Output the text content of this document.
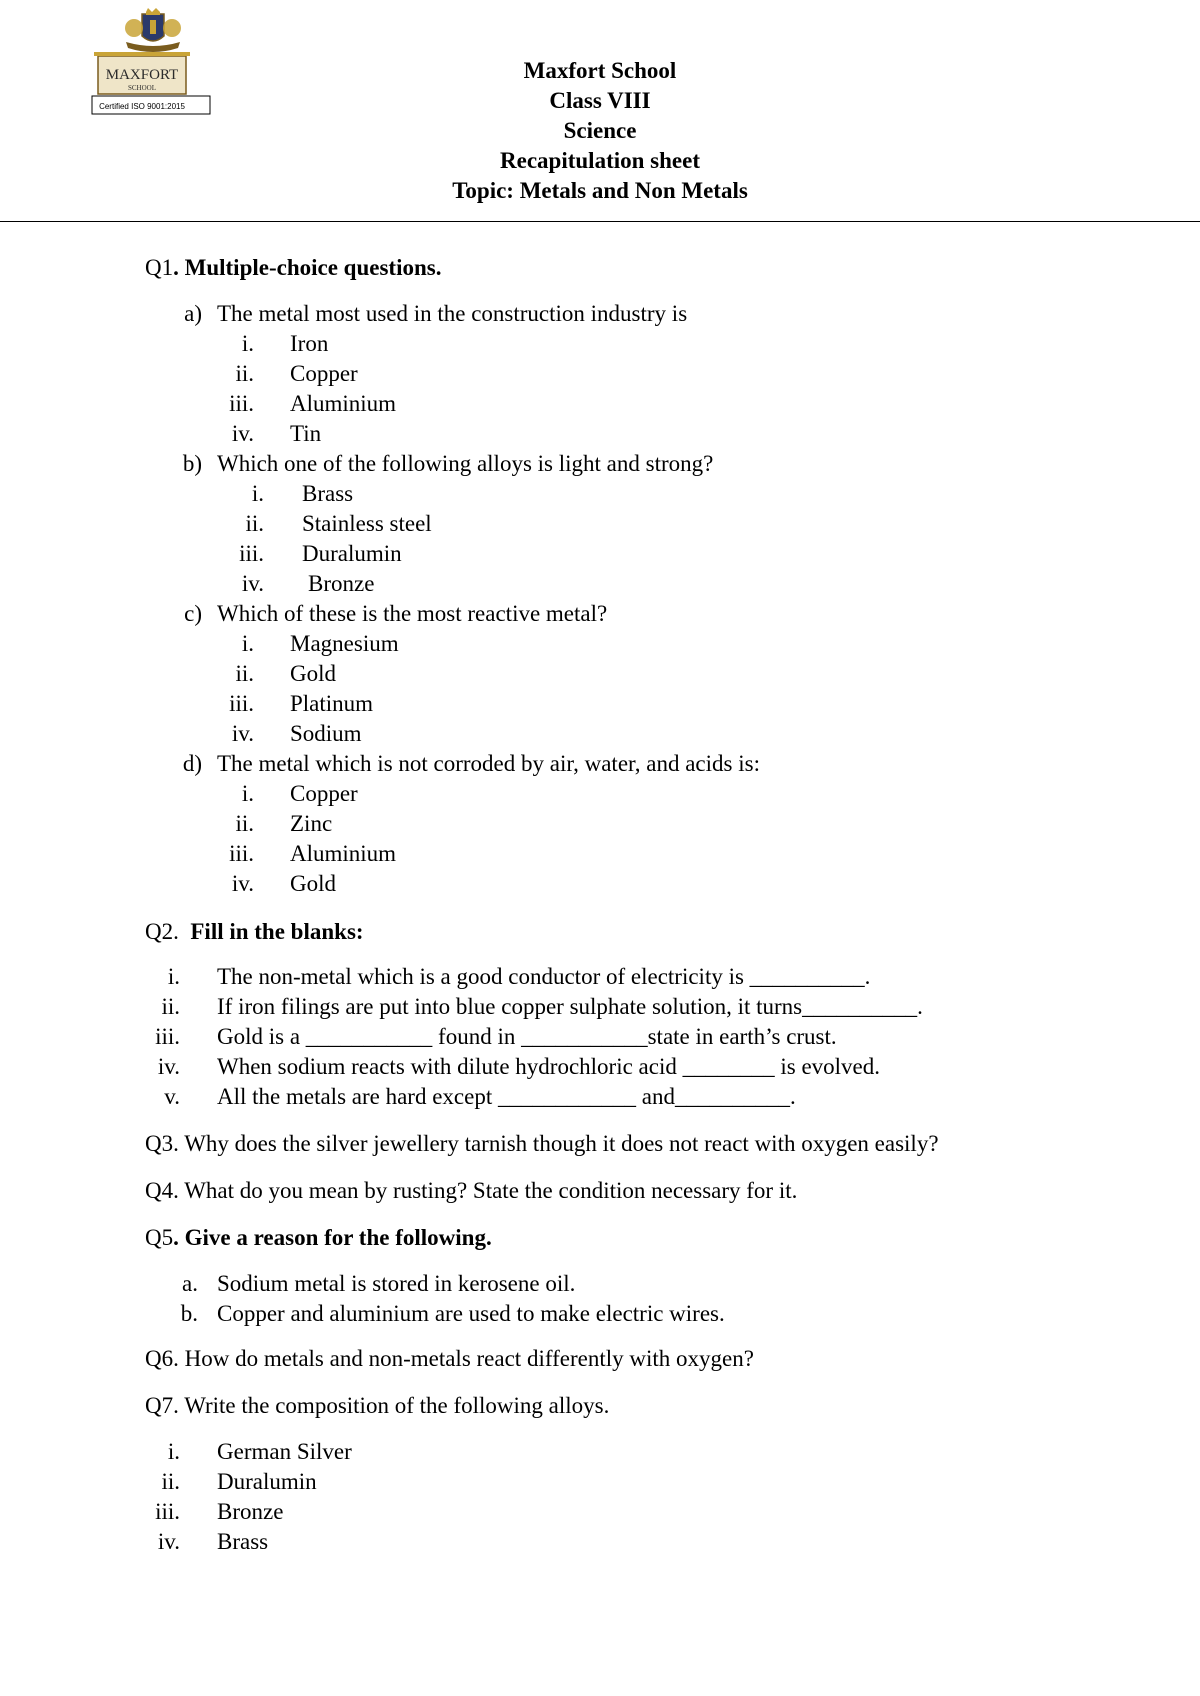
MAXFORT
SCHOOL
Certified ISO 9001:2015
Maxfort School
Class VIII
Science
Recapitulation sheet
Topic: Metals and Non Metals
Q1. Multiple-choice questions.
a) The metal most used in the construction industry is
i. Iron
ii. Copper
iii. Aluminium
iv. Tin
b) Which one of the following alloys is light and strong?
i. Brass
ii. Stainless steel
iii. Duralumin
iv. Bronze
c) Which of these is the most reactive metal?
i. Magnesium
ii. Gold
iii. Platinum
iv. Sodium
d) The metal which is not corroded by air, water, and acids is:
i. Copper
ii. Zinc
iii. Aluminium
iv. Gold
Q2. Fill in the blanks:
i. The non-metal which is a good conductor of electricity is __________.
ii. If iron filings are put into blue copper sulphate solution, it turns__________.
iii. Gold is a ___________ found in ___________state in earth’s crust.
iv. When sodium reacts with dilute hydrochloric acid ________ is evolved.
v. All the metals are hard except ____________ and__________.
Q3. Why does the silver jewellery tarnish though it does not react with oxygen easily?
Q4. What do you mean by rusting? State the condition necessary for it.
Q5. Give a reason for the following.
a. Sodium metal is stored in kerosene oil.
b. Copper and aluminium are used to make electric wires.
Q6. How do metals and non-metals react differently with oxygen?
Q7. Write the composition of the following alloys.
i. German Silver
ii. Duralumin
iii. Bronze
iv. Brass
